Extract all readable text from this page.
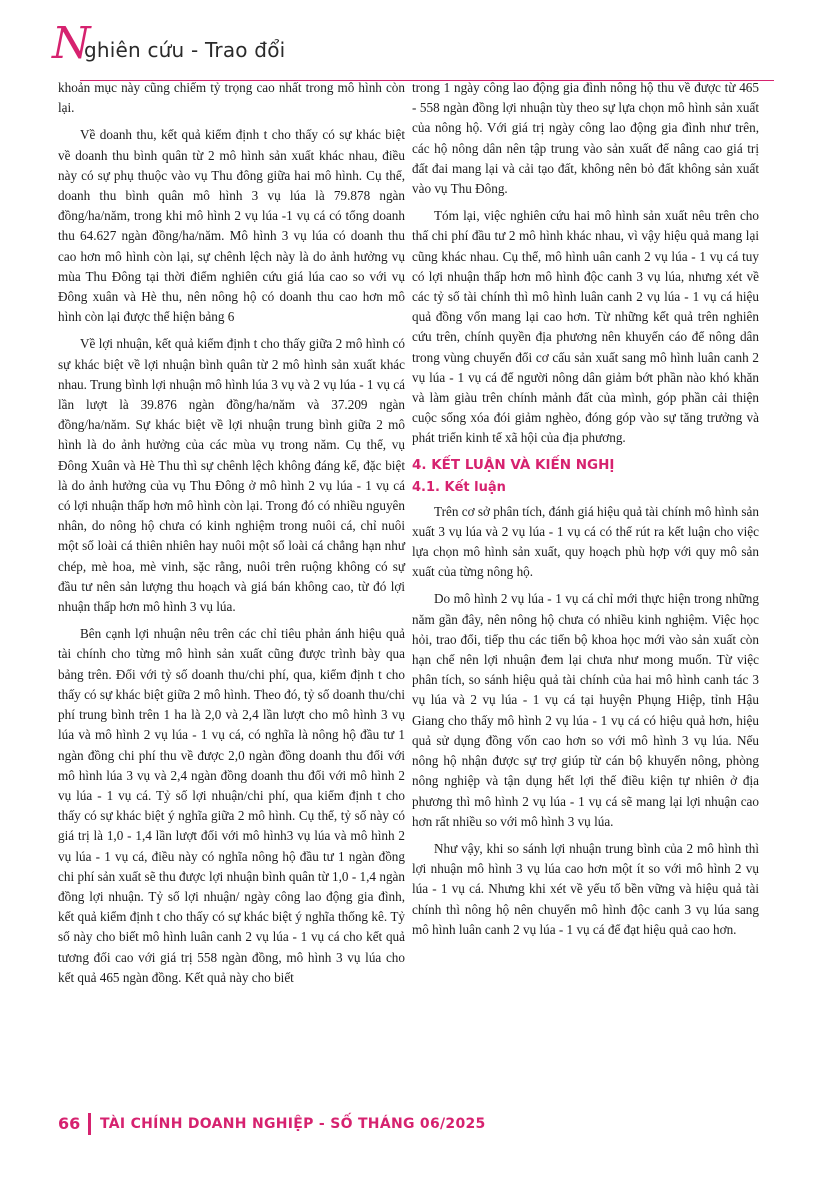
N
ghiên cứu - Trao đổi

khoản mục này cũng chiếm tỷ trọng cao nhất trong mô hình còn lại.

Về doanh thu, kết quả kiểm định t cho thấy có sự khác biệt về doanh thu bình quân từ 2 mô hình sản xuất khác nhau, điều này có sự phụ thuộc vào vụ Thu đông giữa hai mô hình. Cụ thể, doanh thu bình quân mô hình 3 vụ lúa là 79.878 ngàn đồng/ha/năm, trong khi mô hình 2 vụ lúa -1 vụ cá có tổng doanh thu 64.627 ngàn đồng/ha/năm. Mô hình 3 vụ lúa có doanh thu cao hơn mô hình còn lại, sự chênh lệch này là do ảnh hưởng vụ mùa Thu Đông tại thời điểm nghiên cứu giá lúa cao so với vụ Đông xuân và Hè thu, nên nông hộ có doanh thu cao hơn mô hình còn lại được thể hiện bảng 6

Về lợi nhuận, kết quả kiểm định t cho thấy giữa 2 mô hình có sự khác biệt về lợi nhuận bình quân từ 2 mô hình sản xuất khác nhau. Trung bình lợi nhuận mô hình lúa 3 vụ và 2 vụ lúa - 1 vụ cá lần lượt là 39.876 ngàn đồng/ha/năm và 37.209 ngàn đồng/ha/năm. Sự khác biệt về lợi nhuận trung bình giữa 2 mô hình là do ảnh hưởng của các mùa vụ trong năm. Cụ thể, vụ Đông Xuân và Hè Thu thì sự chênh lệch không đáng kể, đặc biệt là do ảnh hưởng của vụ Thu Đông ở mô hình 2 vụ lúa - 1 vụ cá có lợi nhuận thấp hơn mô hình còn lại. Trong đó có nhiều nguyên nhân, do nông hộ chưa có kinh nghiệm trong nuôi cá, chỉ nuôi một số loài cá thiên nhiên hay nuôi một số loài cá chẳng hạn như chép, mè hoa, mè vinh, sặc rằng, nuôi trên ruộng không có sự đầu tư nên sản lượng thu hoạch và giá bán không cao, từ đó lợi nhuận thấp hơn mô hình 3 vụ lúa.

Bên cạnh lợi nhuận nêu trên các chỉ tiêu phản ánh hiệu quả tài chính cho từng mô hình sản xuất cũng được trình bày qua bảng trên. Đối với tỷ số doanh thu/chi phí, qua, kiểm định t cho thấy có sự khác biệt giữa 2 mô hình. Theo đó, tỷ số doanh thu/chi phí trung bình trên 1 ha là 2,0 và 2,4 lần lượt cho mô hình 3 vụ lúa và mô hình 2 vụ lúa - 1 vụ cá, có nghĩa là nông hộ đầu tư 1 ngàn đồng chi phí thu về được 2,0 ngàn đồng doanh thu đối với mô hình lúa 3 vụ và 2,4 ngàn đồng doanh thu đối với mô hình 2 vụ lúa - 1 vụ cá. Tỷ số lợi nhuận/chi phí, qua kiểm định t cho thấy có sự khác biệt ý nghĩa giữa 2 mô hình. Cụ thể, tỷ số này có giá trị là 1,0 - 1,4 lần lượt đối với mô hình3 vụ lúa và mô hình 2 vụ lúa - 1 vụ cá, điều này có nghĩa nông hộ đầu tư 1 ngàn đồng chi phí sản xuất sẽ thu được lợi nhuận bình quân từ 1,0 - 1,4 ngàn đồng lợi nhuận. Tỷ số lợi nhuận/ ngày công lao động gia đình, kết quả kiểm định t cho thấy có sự khác biệt ý nghĩa thống kê. Tỷ số này cho biết mô hình luân canh 2 vụ lúa - 1 vụ cá cho kết quả tương đối cao với giá trị 558 ngàn đồng, mô hình 3 vụ lúa cho kết quả 465 ngàn đồng. Kết quả này cho biết

trong 1 ngày công lao động gia đình nông hộ thu về được từ 465 - 558 ngàn đồng lợi nhuận tùy theo sự lựa chọn mô hình sản xuất của nông hộ. Với giá trị ngày công lao động gia đình như trên, các hộ nông dân nên tập trung vào sản xuất để nâng cao giá trị đất đai mang lại và cải tạo đất, không nên bỏ đất không sản xuất vào vụ Thu Đông.

Tóm lại, việc nghiên cứu hai mô hình sản xuất nêu trên cho thấ chi phí đầu tư 2 mô hình khác nhau, vì vậy hiệu quả mang lại cũng khác nhau. Cụ thể, mô hình uân canh 2 vụ lúa - 1 vụ cá tuy có lợi nhuận thấp hơn mô hình độc canh 3 vụ lúa, nhưng xét về các tỷ số tài chính thì mô hình luân canh 2 vụ lúa - 1 vụ cá hiệu quả đồng vốn mang lại cao hơn. Từ những kết quả trên nghiên cứu trên, chính quyền địa phương nên khuyến cáo để nông dân trong vùng chuyển đổi cơ cấu sản xuất sang mô hình luân canh 2 vụ lúa - 1 vụ cá để người nông dân giảm bớt phần nào khó khăn và làm giàu trên chính mảnh đất của mình, góp phần cải thiện cuộc sống xóa đói giảm nghèo, đóng góp vào sự tăng trưởng và phát triển kinh tế xã hội của địa phương.

4. KẾT LUẬN VÀ KIẾN NGHỊ
4.1. Kết luận

Trên cơ sở phân tích, đánh giá hiệu quả tài chính mô hình sản xuất 3 vụ lúa và 2 vụ lúa - 1 vụ cá có thể rút ra kết luận cho việc lựa chọn mô hình sản xuất, quy hoạch phù hợp với quy mô sản xuất của từng nông hộ.

Do mô hình 2 vụ lúa - 1 vụ cá chỉ mới thực hiện trong những năm gần đây, nên nông hộ chưa có nhiều kinh nghiệm. Việc học hỏi, trao đổi, tiếp thu các tiến bộ khoa học mới vào sản xuất còn hạn chế nên lợi nhuận đem lại chưa như mong muốn. Từ việc phân tích, so sánh hiệu quả tài chính của hai mô hình canh tác 3 vụ lúa và 2 vụ lúa - 1 vụ cá tại huyện Phụng Hiệp, tỉnh Hậu Giang cho thấy mô hình 2 vụ lúa - 1 vụ cá có hiệu quả hơn, hiệu quả sử dụng đồng vốn cao hơn so với mô hình 3 vụ lúa. Nếu nông hộ nhận được sự trợ giúp từ cán bộ khuyến nông, phòng nông nghiệp và tận dụng hết lợi thế điều kiện tự nhiên ở địa phương thì mô hình 2 vụ lúa - 1 vụ cá sẽ mang lại lợi nhuận cao hơn rất nhiều so với mô hình 3 vụ lúa.

Như vậy, khi so sánh lợi nhuận trung bình của 2 mô hình thì lợi nhuận mô hình 3 vụ lúa cao hơn một ít so với mô hình 2 vụ lúa - 1 vụ cá. Nhưng khi xét về yếu tố bền vững và hiệu quả tài chính thì nông hộ nên chuyển mô hình độc canh 3 vụ lúa sang mô hình luân canh 2 vụ lúa - 1 vụ cá để đạt hiệu quả cao hơn.

66 TÀI CHÍNH DOANH NGHIỆP - SỐ THÁNG 06/2025
